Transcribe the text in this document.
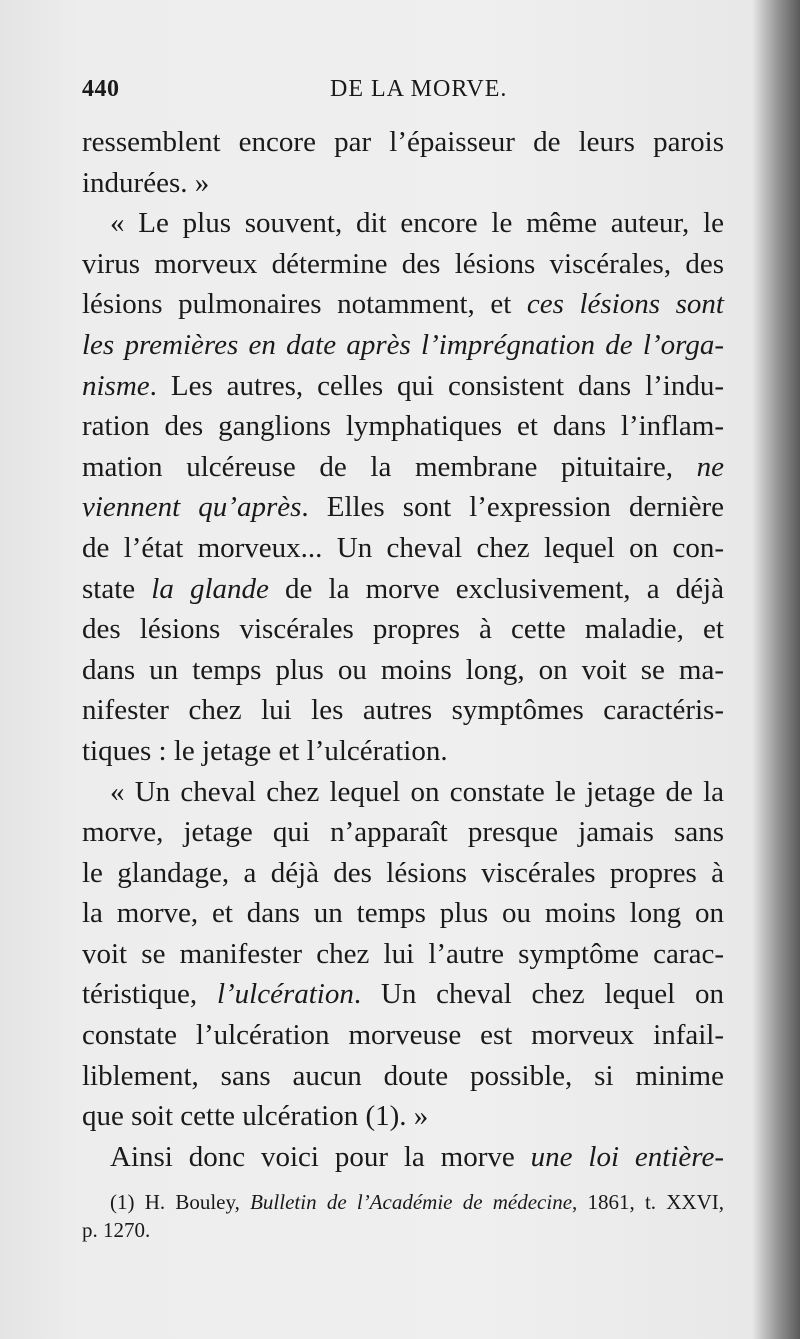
440	DE LA MORVE.
ressemblent encore par l’épaisseur de leurs parois
indurées. »
« Le plus souvent, dit encore le même auteur, le
virus morveux détermine des lésions viscérales, des
lésions pulmonaires notamment, et ces lésions sont
les premières en date après l’imprégnation de l’orga-
nisme. Les autres, celles qui consistent dans l’indu-
ration des ganglions lymphatiques et dans l’inflam-
mation ulcéreuse de la membrane pituitaire, ne
viennent qu’après. Elles sont l’expression dernière
de l’état morveux... Un cheval chez lequel on con-
state la glande de la morve exclusivement, a déjà
des lésions viscérales propres à cette maladie, et
dans un temps plus ou moins long, on voit se ma-
nifester chez lui les autres symptômes caractéris-
tiques : le jetage et l’ulcération.
« Un cheval chez lequel on constate le jetage de la
morve, jetage qui n’apparaît presque jamais sans
le glandage, a déjà des lésions viscérales propres à
la morve, et dans un temps plus ou moins long on
voit se manifester chez lui l’autre symptôme carac-
téristique, l’ulcération. Un cheval chez lequel on
constate l’ulcération morveuse est morveux infail-
liblement, sans aucun doute possible, si minime
que soit cette ulcération (1). »
Ainsi donc voici pour la morve une loi entière-
(1) H. Bouley, Bulletin de l’Académie de médecine, 1861, t. XXVI,
p. 1270.
